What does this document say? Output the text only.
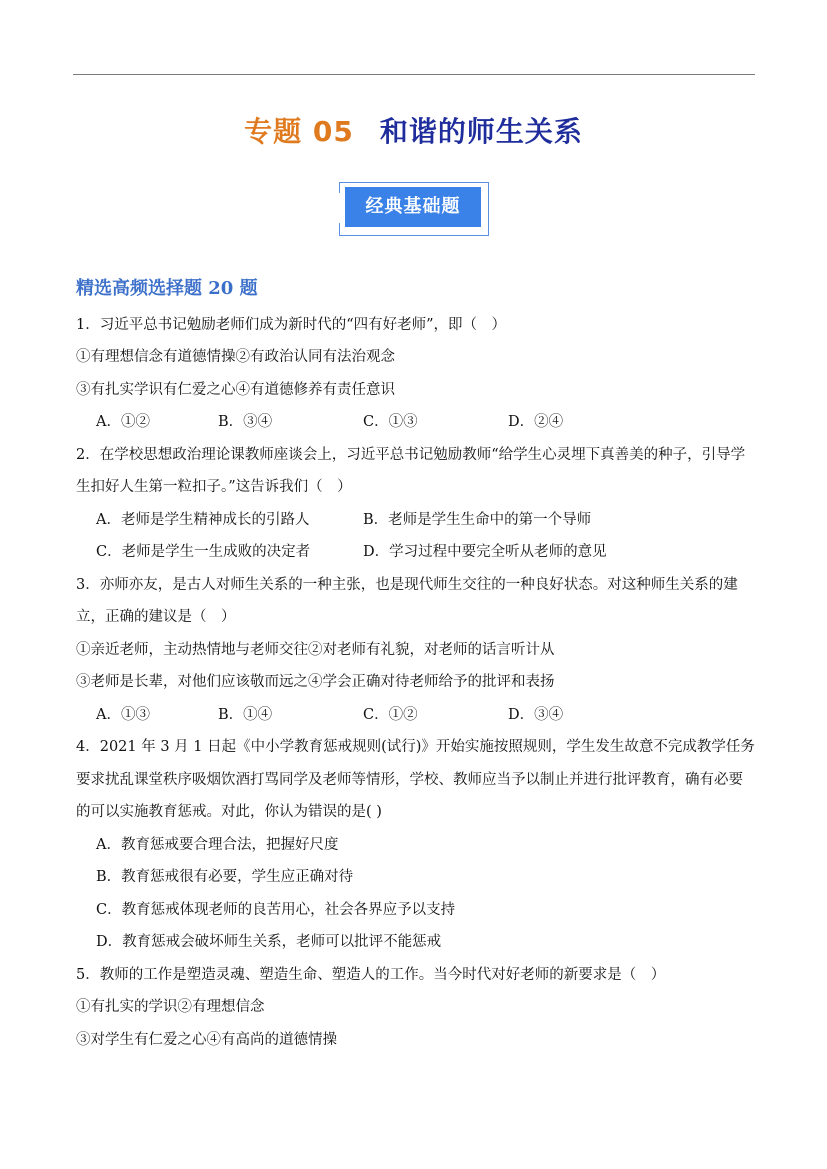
专题 05 和谐的师生关系
经典基础题
精选高频选择题 20 题
1．习近平总书记勉励老师们成为新时代的“四有好老师”，即（　）
①有理想信念有道德情操②有政治认同有法治观念
③有扎实学识有仁爱之心④有道德修养有责任意识
A．①②	B．③④	C．①③	D．②④
2．在学校思想政治理论课教师座谈会上，习近平总书记勉励教师“给学生心灵埋下真善美的种子，引导学
生扣好人生第一粒扣子。”这告诉我们（　）
A．老师是学生精神成长的引路人	B．老师是学生生命中的第一个导师
C．老师是学生一生成败的决定者	D．学习过程中要完全听从老师的意见
3．亦师亦友，是古人对师生关系的一种主张，也是现代师生交往的一种良好状态。对这种师生关系的建
立，正确的建议是（　）
①亲近老师，主动热情地与老师交往②对老师有礼貌，对老师的话言听计从
③老师是长辈，对他们应该敬而远之④学会正确对待老师给予的批评和表扬
A．①③	B．①④	C．①②	D．③④
4．2021 年 3 月 1 日起《中小学教育惩戒规则(试行)》开始实施按照规则，学生发生故意不完成教学任务
要求扰乱课堂秩序吸烟饮酒打骂同学及老师等情形，学校、教师应当予以制止并进行批评教育，确有必要
的可以实施教育惩戒。对此，你认为错误的是( )
A．教育惩戒要合理合法，把握好尺度
B．教育惩戒很有必要，学生应正确对待
C．教育惩戒体现老师的良苦用心，社会各界应予以支持
D．教育惩戒会破坏师生关系，老师可以批评不能惩戒
5．教师的工作是塑造灵魂、塑造生命、塑造人的工作。当今时代对好老师的新要求是（　）
①有扎实的学识②有理想信念
③对学生有仁爱之心④有高尚的道德情操
